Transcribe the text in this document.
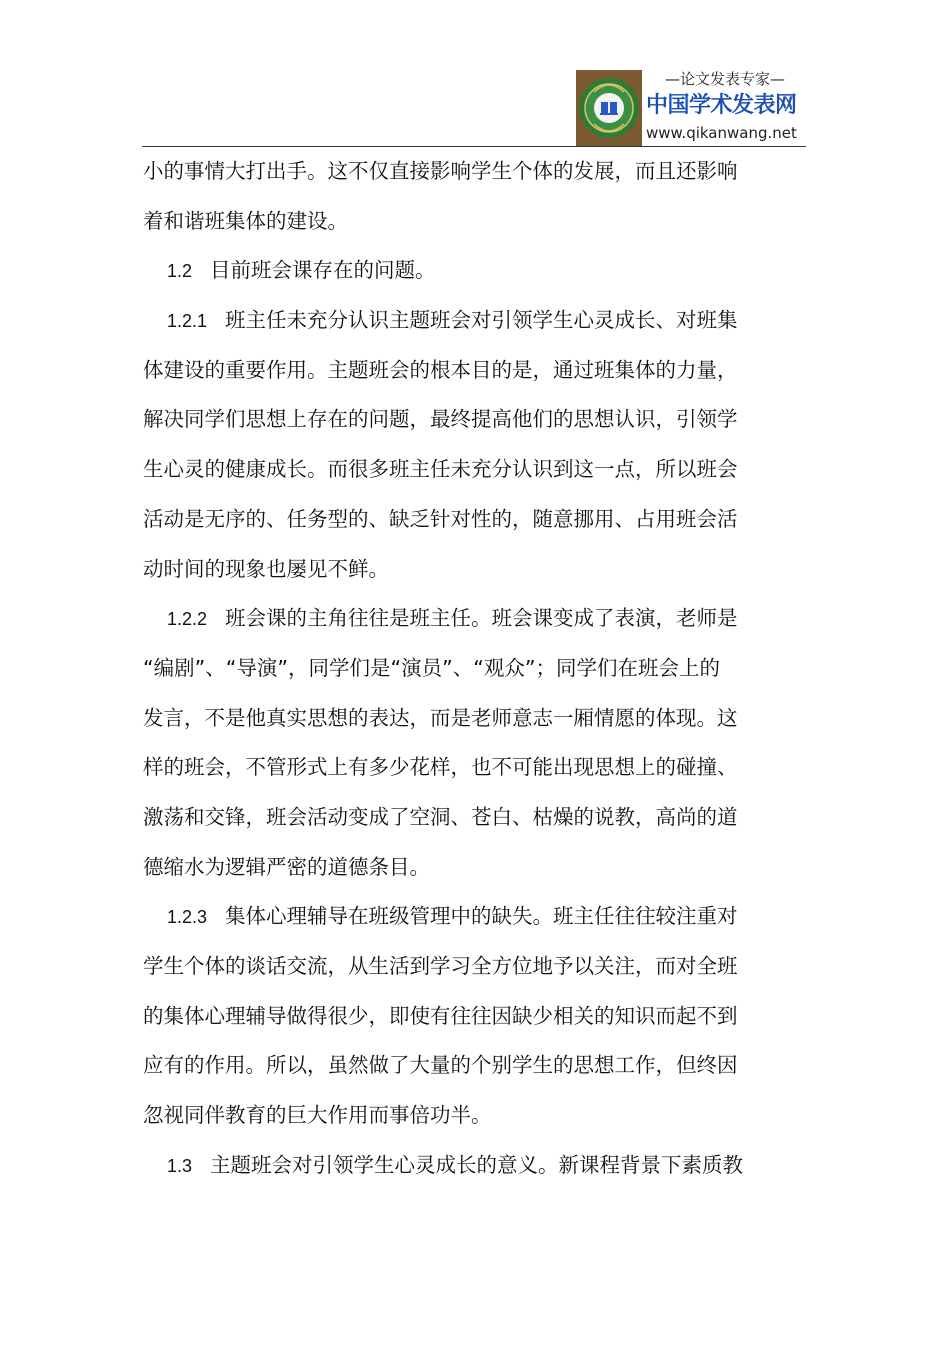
—论文发表专家—
中国学术发表网
www.qikanwang.net
小的事情大打出手。这不仅直接影响学生个体的发展，而且还影响
着和谐班集体的建设。
1.2 目前班会课存在的问题。
1.2.1 班主任未充分认识主题班会对引领学生心灵成长、对班集
体建设的重要作用。主题班会的根本目的是，通过班集体的力量，
解决同学们思想上存在的问题，最终提高他们的思想认识，引领学
生心灵的健康成长。而很多班主任未充分认识到这一点，所以班会
活动是无序的、任务型的、缺乏针对性的，随意挪用、占用班会活
动时间的现象也屡见不鲜。
1.2.2 班会课的主角往往是班主任。班会课变成了表演，老师是
“编剧”、“导演”，同学们是“演员”、“观众”；同学们在班会上的
发言，不是他真实思想的表达，而是老师意志一厢情愿的体现。这
样的班会，不管形式上有多少花样，也不可能出现思想上的碰撞、
激荡和交锋，班会活动变成了空洞、苍白、枯燥的说教，高尚的道
德缩水为逻辑严密的道德条目。
1.2.3 集体心理辅导在班级管理中的缺失。班主任往往较注重对
学生个体的谈话交流，从生活到学习全方位地予以关注，而对全班
的集体心理辅导做得很少，即使有往往因缺少相关的知识而起不到
应有的作用。所以，虽然做了大量的个别学生的思想工作，但终因
忽视同伴教育的巨大作用而事倍功半。
1.3 主题班会对引领学生心灵成长的意义。新课程背景下素质教
